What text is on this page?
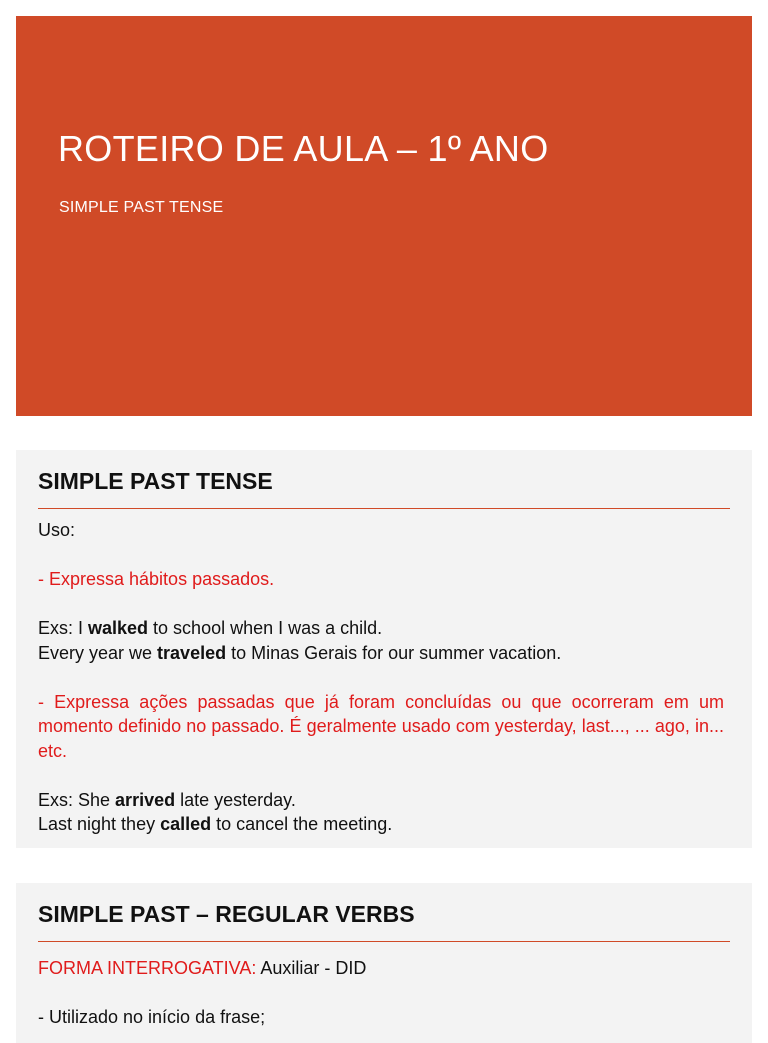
ROTEIRO DE AULA – 1º ANO
SIMPLE PAST TENSE
SIMPLE PAST TENSE

Uso:

- Expressa hábitos passados.

Exs: I walked to school when I was a child.

Every year we traveled to Minas Gerais for our summer vacation.

- Expressa ações passadas que já foram concluídas ou que ocorreram em um momento definido no passado. É geralmente usado com yesterday, last..., ... ago, in... etc.

Exs: She arrived late yesterday.

Last night they called to cancel the meeting.

SIMPLE PAST – REGULAR VERBS

FORMA INTERROGATIVA: Auxiliar - DID

- Utilizado no início da frase;
